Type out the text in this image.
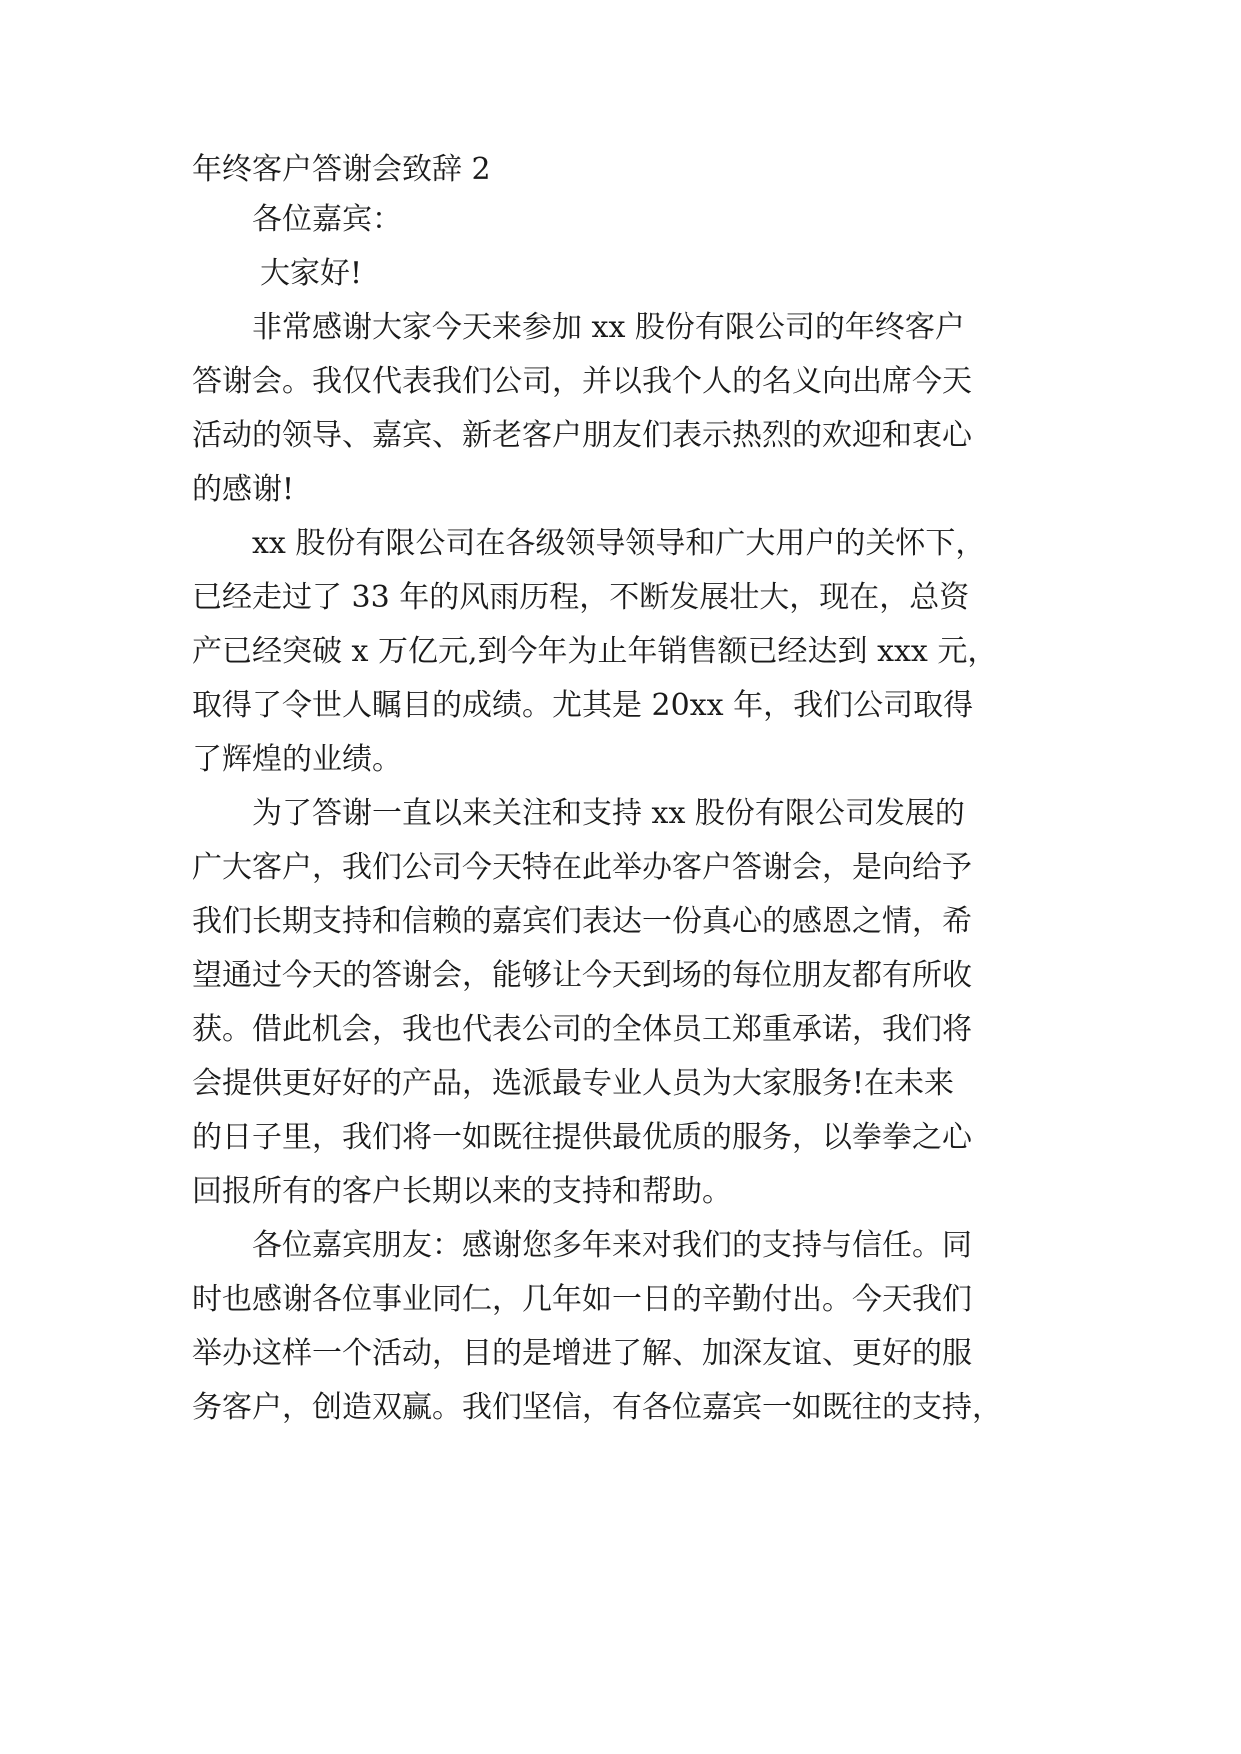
年终客户答谢会致辞 2
各位嘉宾：
大家好!
非常感谢大家今天来参加 xx 股份有限公司的年终客户
答谢会。我仅代表我们公司，并以我个人的名义向出席今天
活动的领导、嘉宾、新老客户朋友们表示热烈的欢迎和衷心
的感谢!
xx 股份有限公司在各级领导领导和广大用户的关怀下，
已经走过了 33 年的风雨历程，不断发展壮大，现在，总资
产已经突破 x 万亿元,到今年为止年销售额已经达到 xxx 元，
取得了令世人瞩目的成绩。尤其是 20xx 年，我们公司取得
了辉煌的业绩。
为了答谢一直以来关注和支持 xx 股份有限公司发展的
广大客户，我们公司今天特在此举办客户答谢会，是向给予
我们长期支持和信赖的嘉宾们表达一份真心的感恩之情，希
望通过今天的答谢会，能够让今天到场的每位朋友都有所收
获。借此机会，我也代表公司的全体员工郑重承诺，我们将
会提供更好好的产品，选派最专业人员为大家服务!在未来
的日子里，我们将一如既往提供最优质的服务，以拳拳之心
回报所有的客户长期以来的支持和帮助。
各位嘉宾朋友：感谢您多年来对我们的支持与信任。同
时也感谢各位事业同仁，几年如一日的辛勤付出。今天我们
举办这样一个活动，目的是增进了解、加深友谊、更好的服
务客户，创造双赢。我们坚信，有各位嘉宾一如既往的支持，
